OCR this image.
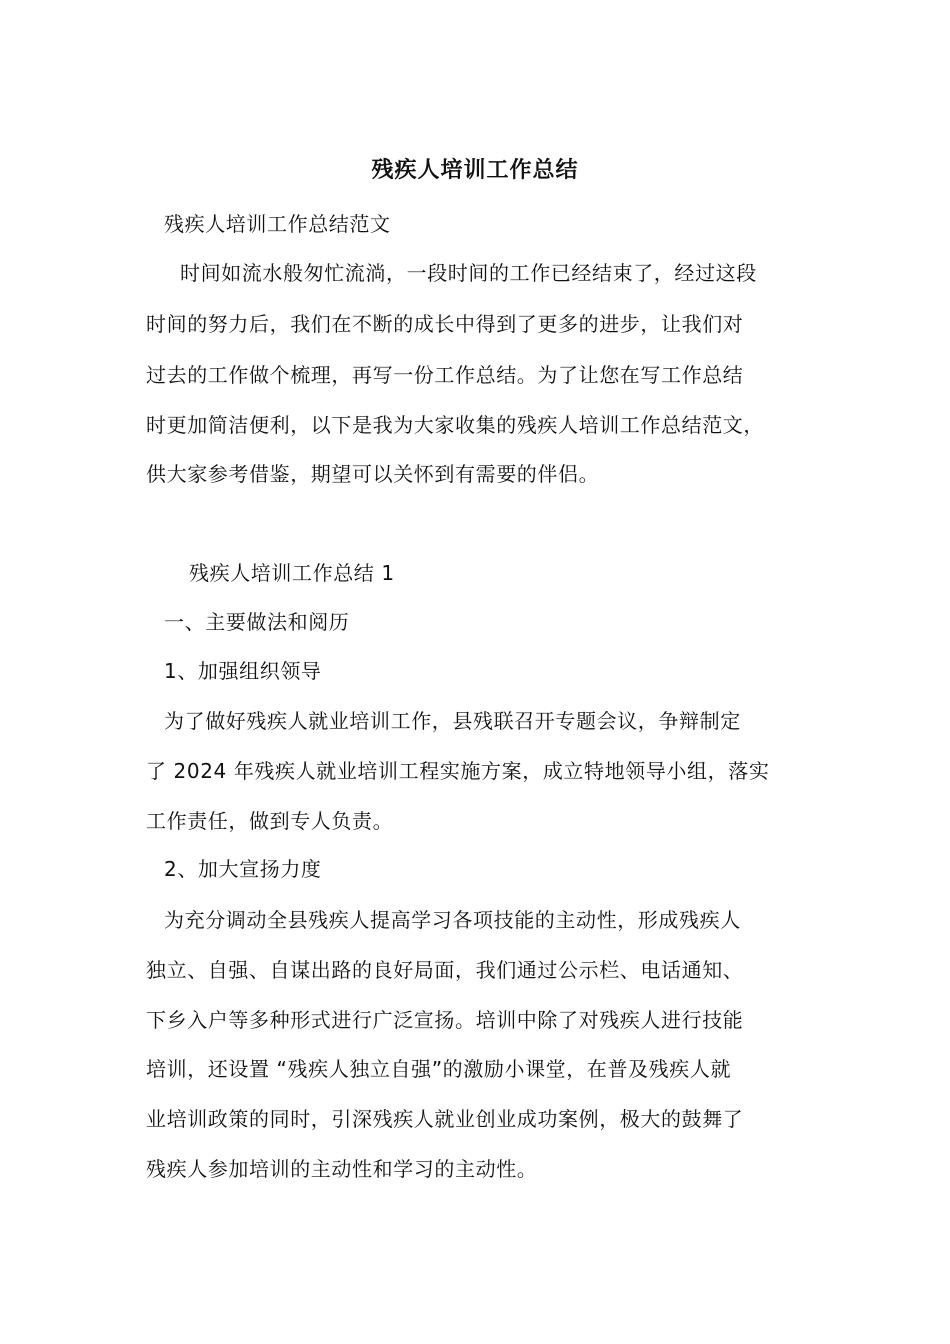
残疾人培训工作总结
残疾人培训工作总结范文
时间如流水般匆忙流淌，一段时间的工作已经结束了，经过这段
时间的努力后，我们在不断的成长中得到了更多的进步，让我们对
过去的工作做个梳理，再写一份工作总结。为了让您在写工作总结
时更加简洁便利，以下是我为大家收集的残疾人培训工作总结范文，
供大家参考借鉴，期望可以关怀到有需要的伴侣。
残疾人培训工作总结 1
一、主要做法和阅历
1、加强组织领导
为了做好残疾人就业培训工作，县残联召开专题会议，争辩制定
了 2024 年残疾人就业培训工程实施方案，成立特地领导小组，落实
工作责任，做到专人负责。
2、加大宣扬力度
为充分调动全县残疾人提高学习各项技能的主动性，形成残疾人
独立、自强、自谋出路的良好局面，我们通过公示栏、电话通知、
下乡入户等多种形式进行广泛宣扬。培训中除了对残疾人进行技能
培训，还设置 “残疾人独立自强”的激励小课堂，在普及残疾人就
业培训政策的同时，引深残疾人就业创业成功案例，极大的鼓舞了
残疾人参加培训的主动性和学习的主动性。
